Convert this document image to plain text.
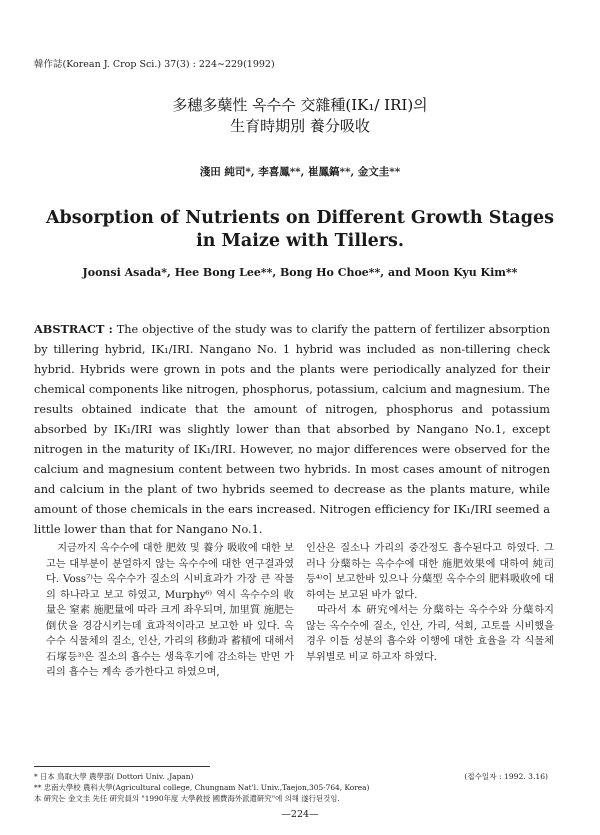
韓作誌(Korean J. Crop Sci.) 37(3) : 224∼229(1992)
多穗多蘖性 옥수수 交雜種(IK₁/ IRI)의
生育時期別 養分吸收
淺田 純司*, 李喜鳳**, 崔鳳鎬**, 金文圭**
Absorption of Nutrients on Different Growth Stages
in Maize with Tillers.
Joonsi Asada*, Hee Bong Lee**, Bong Ho Choe**, and Moon Kyu Kim**
ABSTRACT : The objective of the study was to clarify the pattern of fertilizer absorption by tillering hybrid, IK₁/IRI. Nangano No. 1 hybrid was included as non-tillering check hybrid. Hybrids were grown in pots and the plants were periodically analyzed for their chemical components like nitrogen, phosphorus, potassium, calcium and magnesium. The results obtained indicate that the amount of nitrogen, phosphorus and potassium absorbed by IK₁/IRI was slightly lower than that absorbed by Nangano No.1, except nitrogen in the maturity of IK₁/IRI. However, no major differences were observed for the calcium and magnesium content between two hybrids. In most cases amount of nitrogen and calcium in the plant of two hybrids seemed to decrease as the plants mature, while amount of those chemicals in the ears increased. Nitrogen efficiency for IK₁/IRI seemed a little lower than that for Nangano No.1.

지금까지 옥수수에 대한 肥效 및 養分 吸收에 대한 보고는 대부분이 분얼하지 않는 옥수수에 대한 연구결과였다. Voss⁷⁾는 옥수수가 질소의 시비효과가 가장 큰 작물의 하나라고 보고 하였고, Murphy⁶⁾ 역시 옥수수의 收量은 窒素 施肥量에 따라 크게 좌우되며, 加里質 施肥는 倒伏을 경감시키는데 효과적이라고 보고한 바 있다. 옥수수 식물체의 질소, 인산, 가리의 移動과 蓄積에 대해서 石塚등³⁾은 질소의 흡수는 생육후기에 감소하는 반면 가리의 흡수는 계속 증가한다고 하였으며,

인산은 질소나 가리의 중간정도 흡수된다고 하였다. 그러나 分蘖하는 옥수수에 대한 施肥效果에 대하여 純司 등⁴⁾이 보고한바 있으나 分蘖型 옥수수의 肥料吸收에 대하여는 보고된 바가 없다.

따라서 本 硏究에서는 分蘖하는 옥수수와 分蘖하지 않는 옥수수에 질소, 인산, 가리, 석회, 고토를 시비했을 경우 이들 성분의 흡수와 이행에 대한 효율을 각 식물체 부위별로 비교 하고자 하였다.

* 日本 鳥取大學 農學部( Dottori Univ. ,Japan)
** 忠南大學校 農科大學(Agricultural college, Chungnam Nat'l. Univ.,Taejon,305-764, Korea)
本 硏究는 金文圭 先任 硏究員의 "1990年度 大學敎授 國費海外派遣硏究"에 의해 遂行된것임.
(접수일자 : 1992. 3.16)
—224—
